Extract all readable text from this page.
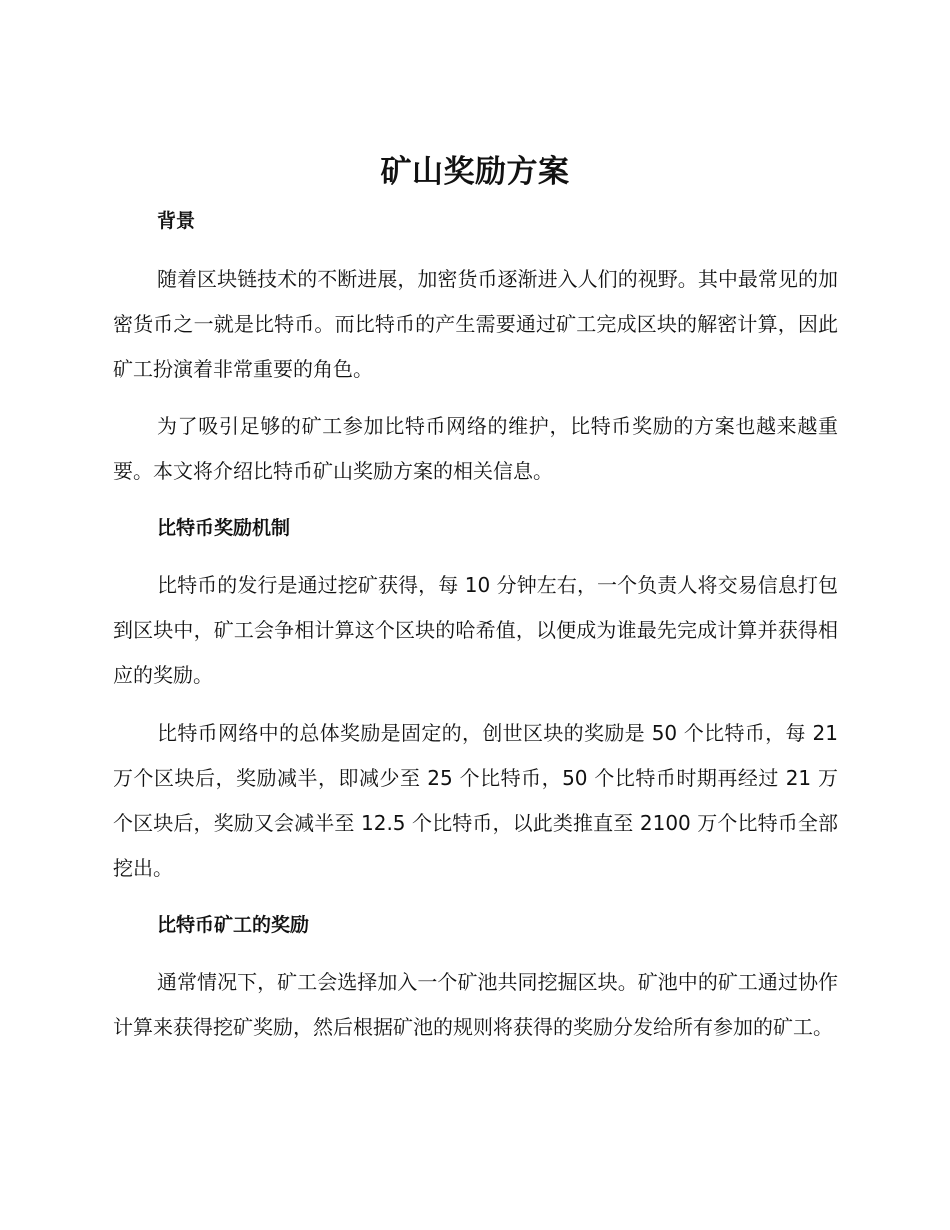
矿山奖励方案
背景

随着区块链技术的不断进展，加密货币逐渐进入人们的视野。其中最常见的加密货币之一就是比特币。而比特币的产生需要通过矿工完成区块的解密计算，因此矿工扮演着非常重要的角色。

为了吸引足够的矿工参加比特币网络的维护，比特币奖励的方案也越来越重要。本文将介绍比特币矿山奖励方案的相关信息。

比特币奖励机制

比特币的发行是通过挖矿获得，每 10 分钟左右，一个负责人将交易信息打包到区块中，矿工会争相计算这个区块的哈希值，以便成为谁最先完成计算并获得相应的奖励。

比特币网络中的总体奖励是固定的，创世区块的奖励是 50 个比特币，每 21 万个区块后，奖励减半，即减少至 25 个比特币，50 个比特币时期再经过 21 万个区块后，奖励又会减半至 12.5 个比特币，以此类推直至 2100 万个比特币全部挖出。

比特币矿工的奖励

通常情况下，矿工会选择加入一个矿池共同挖掘区块。矿池中的矿工通过协作计算来获得挖矿奖励，然后根据矿池的规则将获得的奖励分发给所有参加的矿工。
